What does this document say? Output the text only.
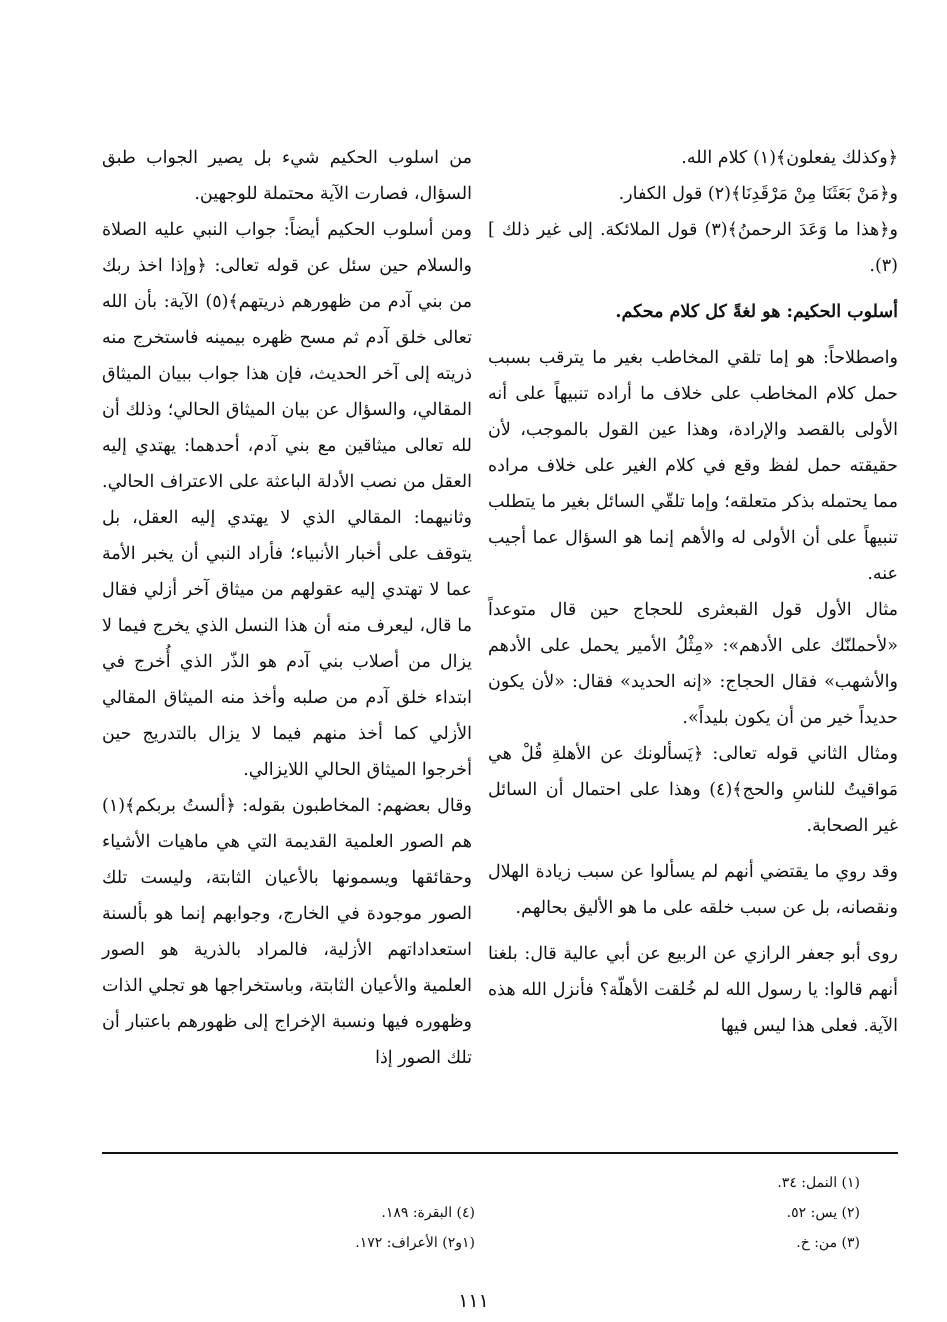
﴿وكذلك يفعلون﴾(١) كلام الله.

و﴿مَنْ بَعَثَنَا مِنْ مَرْقَدِنَا﴾(٢) قول الكفار.

و﴿هذا ما وَعَدَ الرحمنُ﴾(٣) قول الملائكة. إلى غير ذلك ](٣).

أسلوب الحكيم: هو لغةً كل كلام محكم.

واصطلاحاً: هو إما تلقي المخاطب بغير ما يترقب بسبب حمل كلام المخاطب على خلاف ما أراده تنبيهاً على أنه الأولى بالقصد والإرادة، وهذا عين القول بالموجب، لأن حقيقته حمل لفظ وقع في كلام الغير على خلاف مراده مما يحتمله بذكر متعلقه؛ وإما تلقّي السائل بغير ما يتطلب تنبيهاً على أن الأولى له والأهم إنما هو السؤال عما أجيب عنه.

مثال الأول قول القبعثرى للحجاج حين قال متوعداً «لأحملنّك على الأدهم»: «مِثْلُ الأمير يحمل على الأدهم والأشهب» فقال الحجاج: «إنه الحديد» فقال: «لأن يكون حديداً خير من أن يكون بليداً».

ومثال الثاني قوله تعالى: ﴿يَسألونك عن الأهلةِ قُلْ هي مَواقيتُ للناسِ والحج﴾(٤) وهذا على احتمال أن السائل غير الصحابة.

وقد روي ما يقتضي أنهم لم يسألوا عن سبب زيادة الهلال ونقصانه، بل عن سبب خلقه على ما هو الأليق بحالهم.

روى أبو جعفر الرازي عن الربيع عن أبي عالية قال: بلغنا أنهم قالوا: يا رسول الله لم خُلقت الأهلّة؟ فأنزل الله هذه الآية. فعلى هذا ليس فيها

من اسلوب الحكيم شيء بل يصير الجواب طبق السؤال، فصارت الآية محتملة للوجهين.

ومن أسلوب الحكيم أيضاً: جواب النبي عليه الصلاة والسلام حين سئل عن قوله تعالى: ﴿وإذا اخذ ربك من بني آدم من ظهورهم ذريتهم﴾(٥) الآية: بأن الله تعالى خلق آدم ثم مسح ظهره بيمينه فاستخرج منه ذريته إلى آخر الحديث، فإن هذا جواب ببيان الميثاق المقالي، والسؤال عن بيان الميثاق الحالي؛ وذلك أن لله تعالى ميثاقين مع بني آدم، أحدهما: يهتدي إليه العقل من نصب الأدلة الباعثة على الاعتراف الحالي. وثانيهما: المقالي الذي لا يهتدي إليه العقل، بل يتوقف على أخبار الأنبياء؛ فأراد النبي أن يخبر الأمة عما لا تهتدي إليه عقولهم من ميثاق آخر أزلي فقال ما قال، ليعرف منه أن هذا النسل الذي يخرج فيما لا يزال من أصلاب بني آدم هو الذّر الذي أُخرج في ابتداء خلق آدم من صلبه وأخذ منه الميثاق المقالي الأزلي كما أخذ منهم فيما لا يزال بالتدريج حين أخرجوا الميثاق الحالي اللايزالي.

وقال بعضهم: المخاطبون بقوله: ﴿ألستُ بربكم﴾(١) هم الصور العلمية القديمة التي هي ماهيات الأشياء وحقائقها ويسمونها بالأعيان الثابتة، وليست تلك الصور موجودة في الخارج، وجوابهم إنما هو بألسنة استعداداتهم الأزلية، فالمراد بالذرية هو الصور العلمية والأعيان الثابتة، وباستخراجها هو تجلي الذات وظهوره فيها ونسبة الإخراج إلى ظهورهم باعتبار أن تلك الصور إذا

(١) النمل: ٣٤.
(٢) يس: ٥٢.
(٣) من: خ.
(٤) البقرة: ١٨٩.
(١و٢) الأعراف: ١٧٢.
١١١
